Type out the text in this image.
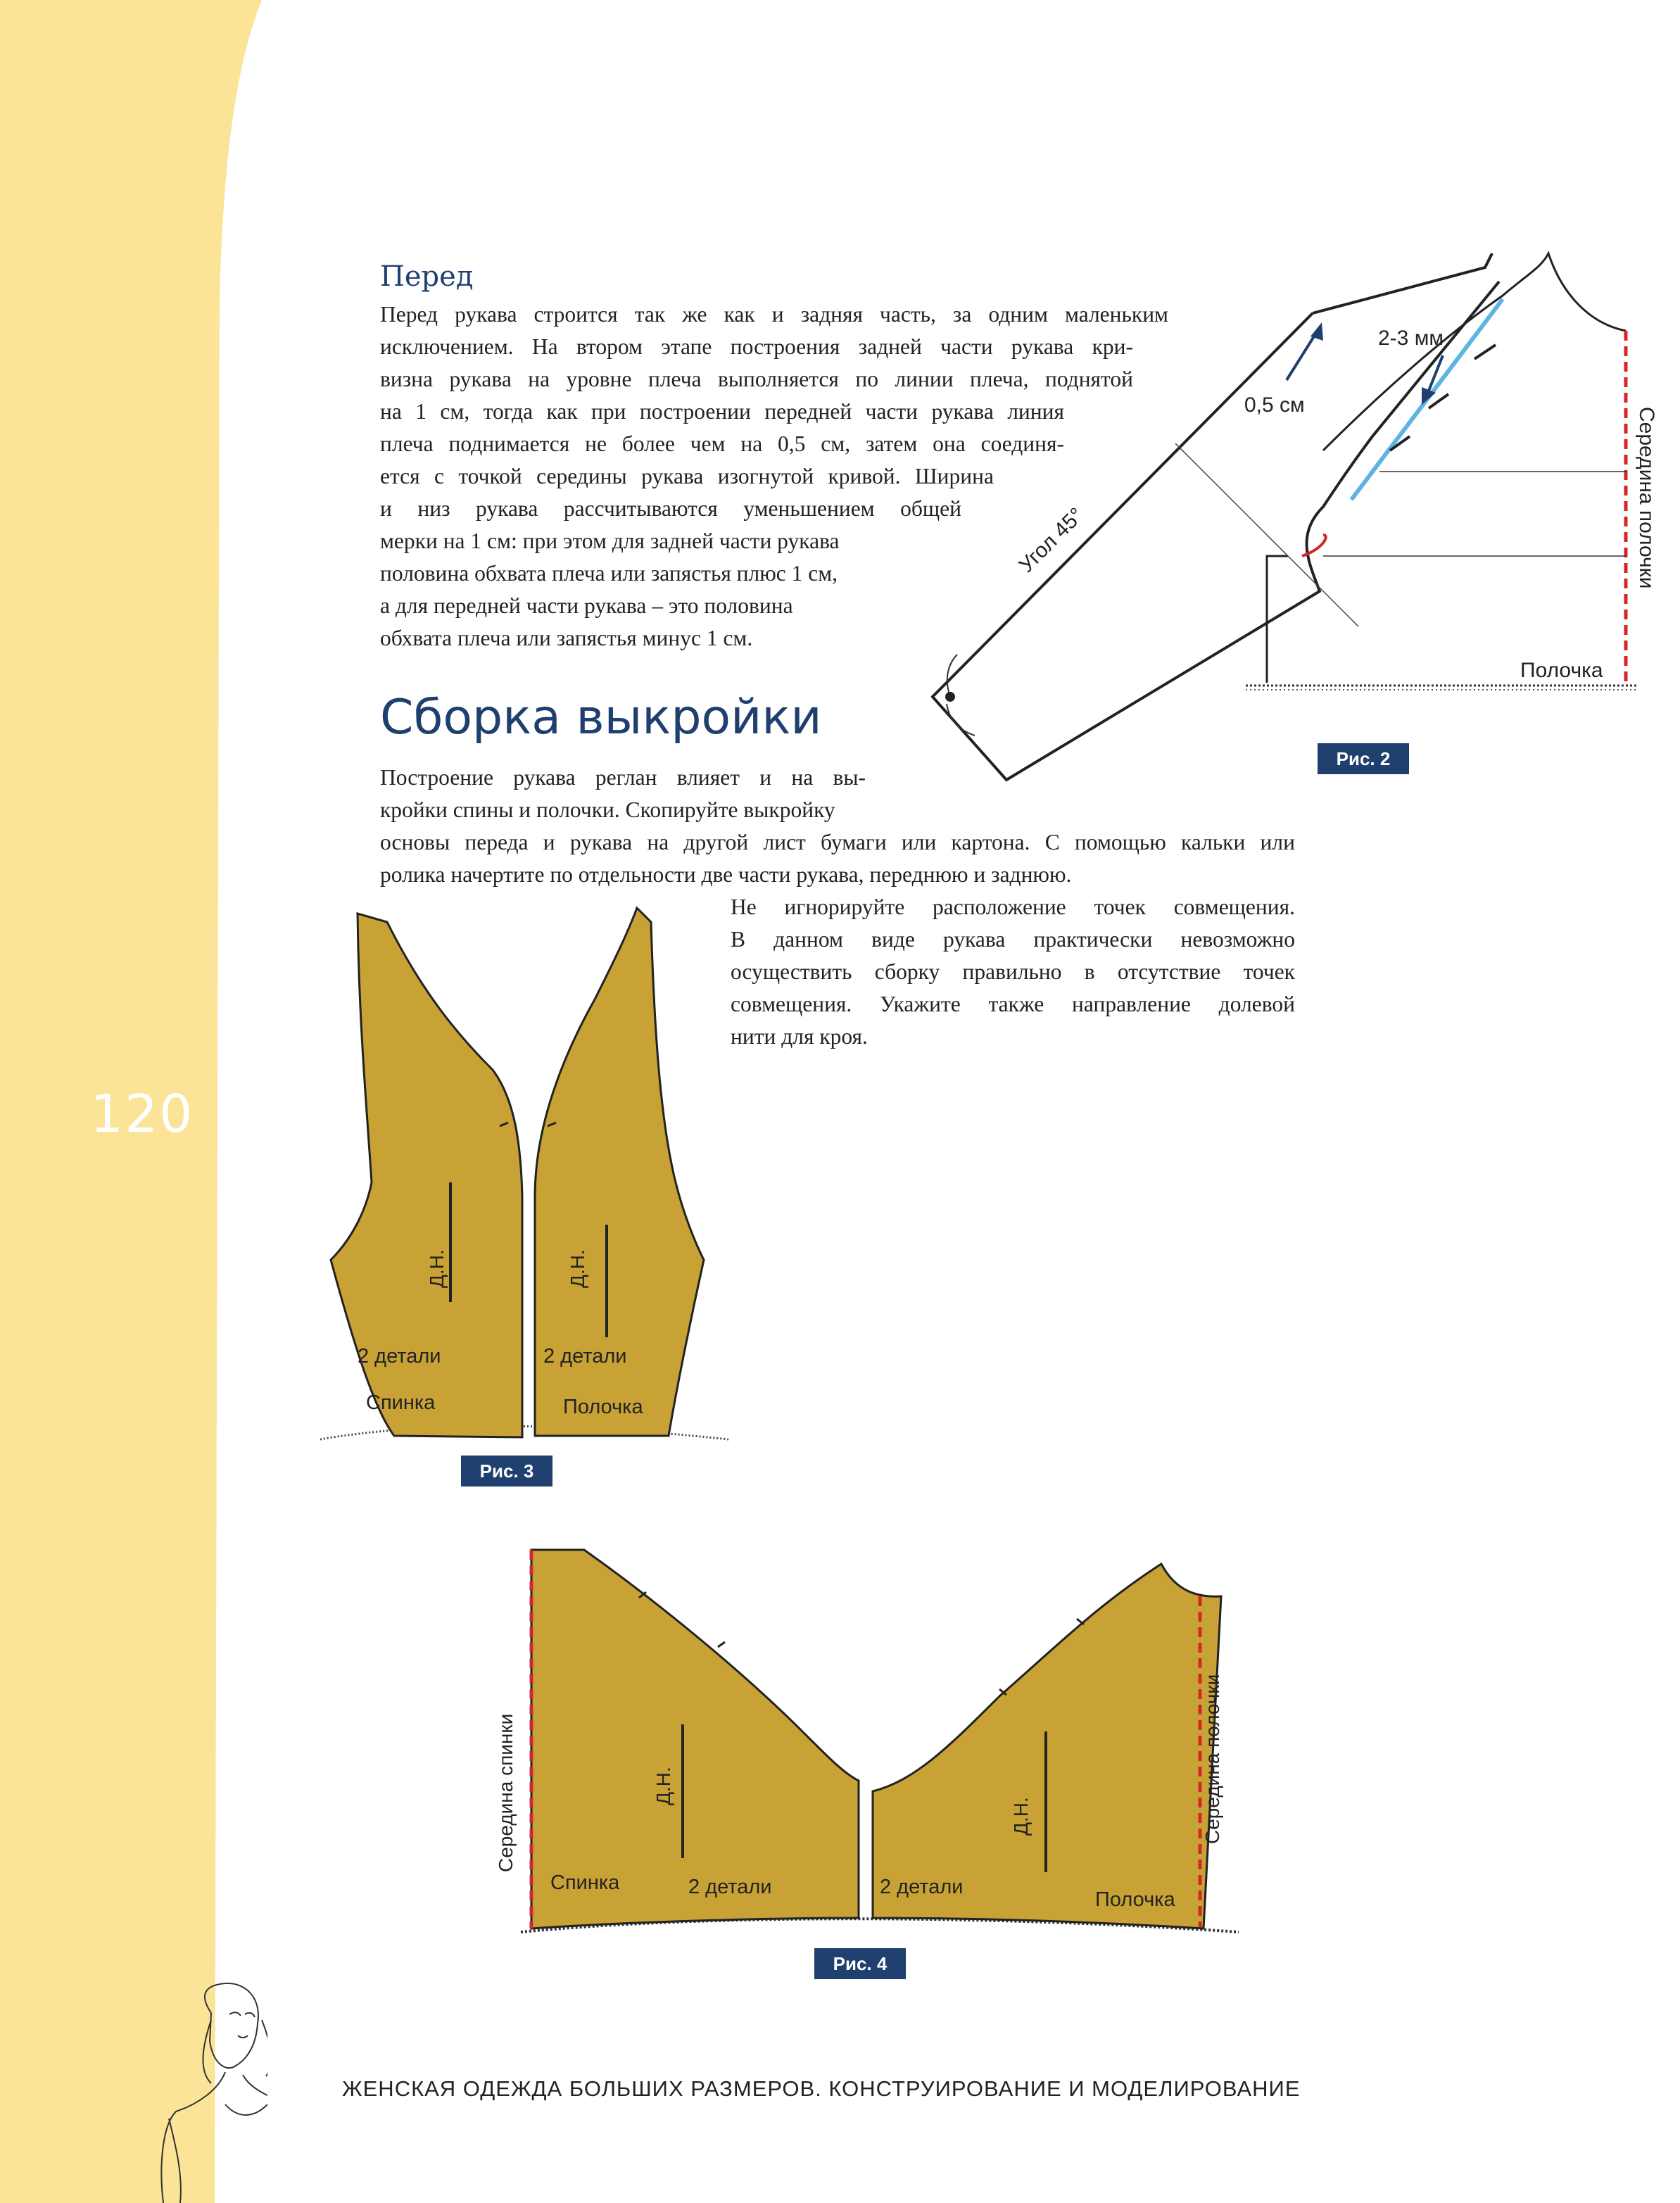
120
Перед
Перед рукава строится так же как и задняя часть, за одним маленьким
исключением. На втором этапе построения задней части рукава кри-
визна рукава на уровне плеча выполняется по линии плеча, поднятой
на 1 см, тогда как при построении передней части рукава линия
плеча поднимается не более чем на 0,5 см, затем она соединя-
ется с точкой середины рукава изогнутой кривой. Ширина
и низ рукава рассчитываются уменьшением общей
мерки на 1 см: при этом для задней части рукава
половина обхвата плеча или запястья плюс 1 см,
а для передней части рукава – это половина
обхвата плеча или запястья минус 1 см.
2-3 мм
0,5 см
Угол 45°	Середина полочки
Полочка
Рис. 2
Сборка выкройки
Построение рукава реглан влияет и на вы-
кройки спины и полочки. Скопируйте выкройку
основы переда и рукава на другой лист бумаги или картона. С помощью кальки или
ролика начертите по отдельности две части рукава, переднюю и заднюю.
Не игнорируйте расположение точек совмещения.
В данном виде рукава практически невозможно
осуществить сборку правильно в отсутствие точек
совмещения. Укажите также направление долевой
нити для кроя.
Д.Н.	Д.Н.
2 детали	2 детали
Спинка	Полочка
Рис. 3
Д.Н.
Д.Н.
Середина спинки	Середина полочки
Спинка	2 детали	2 детали
Полочка
Рис. 4
ЖЕНСКАЯ ОДЕЖДА БОЛЬШИХ РАЗМЕРОВ. КОНСТРУИРОВАНИЕ И МОДЕЛИРОВАНИЕ
